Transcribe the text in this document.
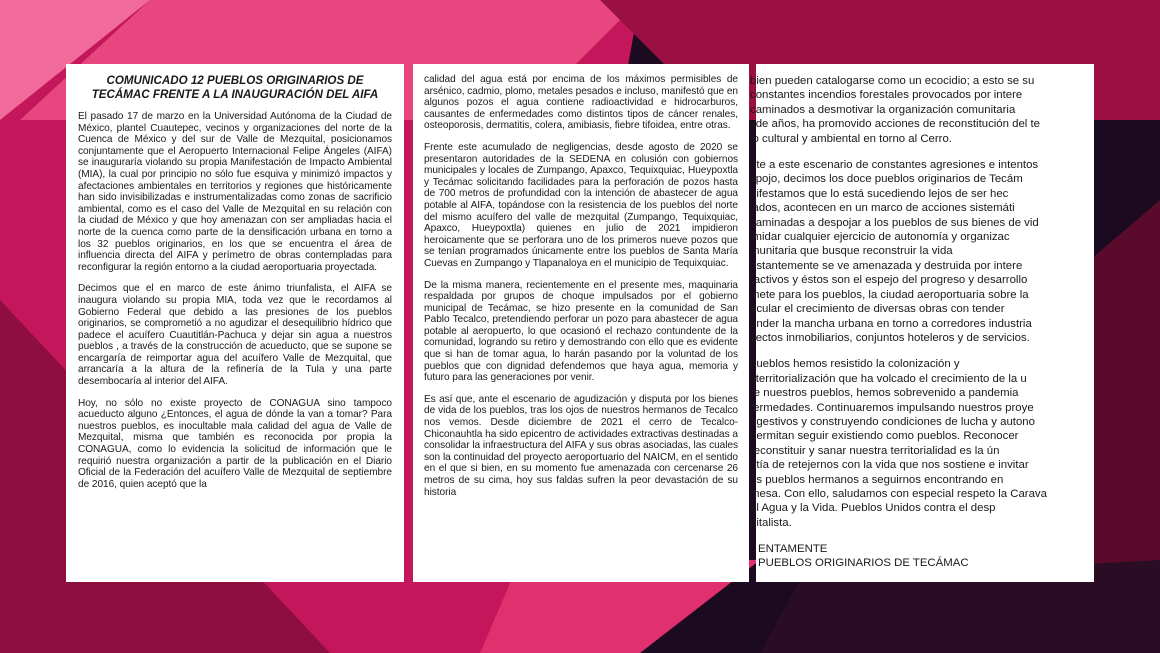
COMUNICADO 12 PUEBLOS ORIGINARIOS DE TECÁMAC FRENTE A LA INAUGURACIÓN DEL AIFA
El pasado 17 de marzo en la Universidad Autónoma de la Ciudad de México, plantel Cuautepec, vecinos y organizaciones del norte de la Cuenca de México y del sur de Valle de Mezquital, posicionamos conjuntamente que el Aeropuerto Internacional Felipe Ángeles (AIFA) se inauguraría violando su propia Manifestación de Impacto Ambiental (MIA), la cual por principio no sólo fue esquiva y minimizó impactos y afectaciones ambientales en territorios y regiones que históricamente han sido invisibilizadas e instrumentalizadas como zonas de sacrificio ambiental, como es el caso del Valle de Mezquital en su relación con la ciudad de México y que hoy amenazan con ser ampliadas hacia el norte de la cuenca como parte de la densificación urbana en torno a los 32 pueblos originarios, en los que se encuentra el área de influencia directa del AIFA y perímetro de obras contempladas para reconfigurar la región entorno a la ciudad aeroportuaria proyectada.
Decimos que el en marco de este ánimo triunfalista, el AIFA se inaugura violando su propia MIA, toda vez que le recordamos al Gobierno Federal que debido a las presiones de los pueblos originarios, se comprometió a no agudizar el desequilibrio hídrico que padece el acuífero Cuautitlán-Pachuca y dejar sin agua a nuestros pueblos , a través de la construcción de acueducto, que se supone se encargaría de reimportar agua del acuífero Valle de Mezquital, que arrancaría a la altura de la refinería de la Tula y una parte desembocaría al interior del AIFA.
Hoy, no sólo no existe proyecto de CONAGUA sino tampoco acueducto alguno ¿Entonces, el agua de dónde la van a tomar? Para nuestros pueblos, es inocultable mala calidad del agua de Valle de Mezquital, misma que también es reconocida por propia la CONAGUA, como lo evidencia la solicitud de información que le requirió nuestra organización a partir de la publicación en el Diario Oficial de la Federación del acuífero Valle de Mezquital de septiembre de 2016, quien aceptó que la
calidad del agua está por encima de los máximos permisibles de arsénico, cadmio, plomo, metales pesados e incluso, manifestó que en algunos pozos el agua contiene radioactividad e hidrocarburos, causantes de enfermedades como distintos tipos de cáncer renales, osteoporosis, dermatitis, colera, amibiasis, fiebre tifoidea, entre otras.
Frente este acumulado de negligencias, desde agosto de 2020 se presentaron autoridades de la SEDENA en colusión con gobiernos municipales y locales de Zumpango, Apaxco, Tequixquiac, Hueypoxtla y Tecámac solicitando facilidades para la perforación de pozos hasta de 700 metros de profundidad con la intención de abastecer de agua potable al AIFA, topándose con la resistencia de los pueblos del norte del mismo acuífero del valle de mezquital (Zumpango, Tequixquiac, Apaxco, Hueypoxtla) quienes en julio de 2021 impidieron heroicamente que se perforara uno de los primeros nueve pozos que se tenían programados únicamente entre los pueblos de Santa María Cuevas en Zumpango y Tlapanaloya en el municipio de Tequixquiac.
De la misma manera, recientemente en el presente mes, maquinaria respaldada por grupos de choque impulsados por el gobierno municipal de Tecámac, se hizo presente en la comunidad de San Pablo Tecalco, pretendiendo perforar un pozo para abastecer de agua potable al aeropuerto, lo que ocasionó el rechazo contundente de la comunidad, logrando su retiro y demostrando con ello que es evidente que si han de tomar agua, lo harán pasando por la voluntad de los pueblos que con dignidad defendemos que haya agua, memoria y futuro para las generaciones por venir.
Es así que, ante el escenario de agudización y disputa por los bienes de vida de los pueblos, tras los ojos de nuestros hermanos de Tecalco nos vemos. Desde diciembre de 2021 el cerro de Tecalco-Chiconauhtla ha sido epicentro de actividades extractivas destinadas a consolidar la infraestructura del AIFA y sus obras asociadas, las cuales son la continuidad del proyecto aeroportuario del NAICM, en el sentido en el que si bien, en su momento fue amenazada con cercenarse 26 metros de su cima, hoy sus faldas sufren la peor devastación de su historia
bien pueden catalogarse como un ecocidio; a esto se su
constantes incendios forestales provocados por intere
caminados a desmotivar la organización comunitaria
sde años, ha promovido acciones de reconstitución del te
io cultural y ambiental en torno al Cerro.
nte a este escenario de constantes agresiones e intentos
spojo, decimos los doce pueblos originarios de Tecám
nifestamos que lo está sucediendo lejos de ser hec
lados, acontecen en un marco de acciones sistemáti
caminadas a despojar a los pueblos de sus bienes de vid
imidar cualquier ejercicio de autonomía y organizac
munitaria que busque reconstruir la vida
nstantemente se ve amenazada y destruida por intere
ractivos y éstos son el espejo del progreso y desarrollo
mete para los pueblos, la ciudad aeroportuaria sobre la
ecular el crecimiento de diversas obras con tender
ender la mancha urbana en torno a corredores industria
yectos inmobiliarios, conjuntos hoteleros y de servicios.
pueblos hemos resistido la colonización y
sterritorialización que ha volcado el crecimiento de la u
re nuestros pueblos, hemos sobrevenido a pandemia
fermedades. Continuaremos impulsando nuestros proye
ogestivos y construyendo condiciones de lucha y autono
permitan seguir existiendo como pueblos. Reconocer
reconstituir y sanar nuestra territorialidad es la ún
ntía de retejernos con la vida que nos sostiene e invitar
os pueblos hermanos a seguirnos encontrando en
mesa. Con ello, saludamos con especial respeto la Carava
el Agua y la Vida. Pueblos Unidos contra el desp
pitalista.
ENTAMENTE
PUEBLOS ORIGINARIOS DE TECÁMAC
